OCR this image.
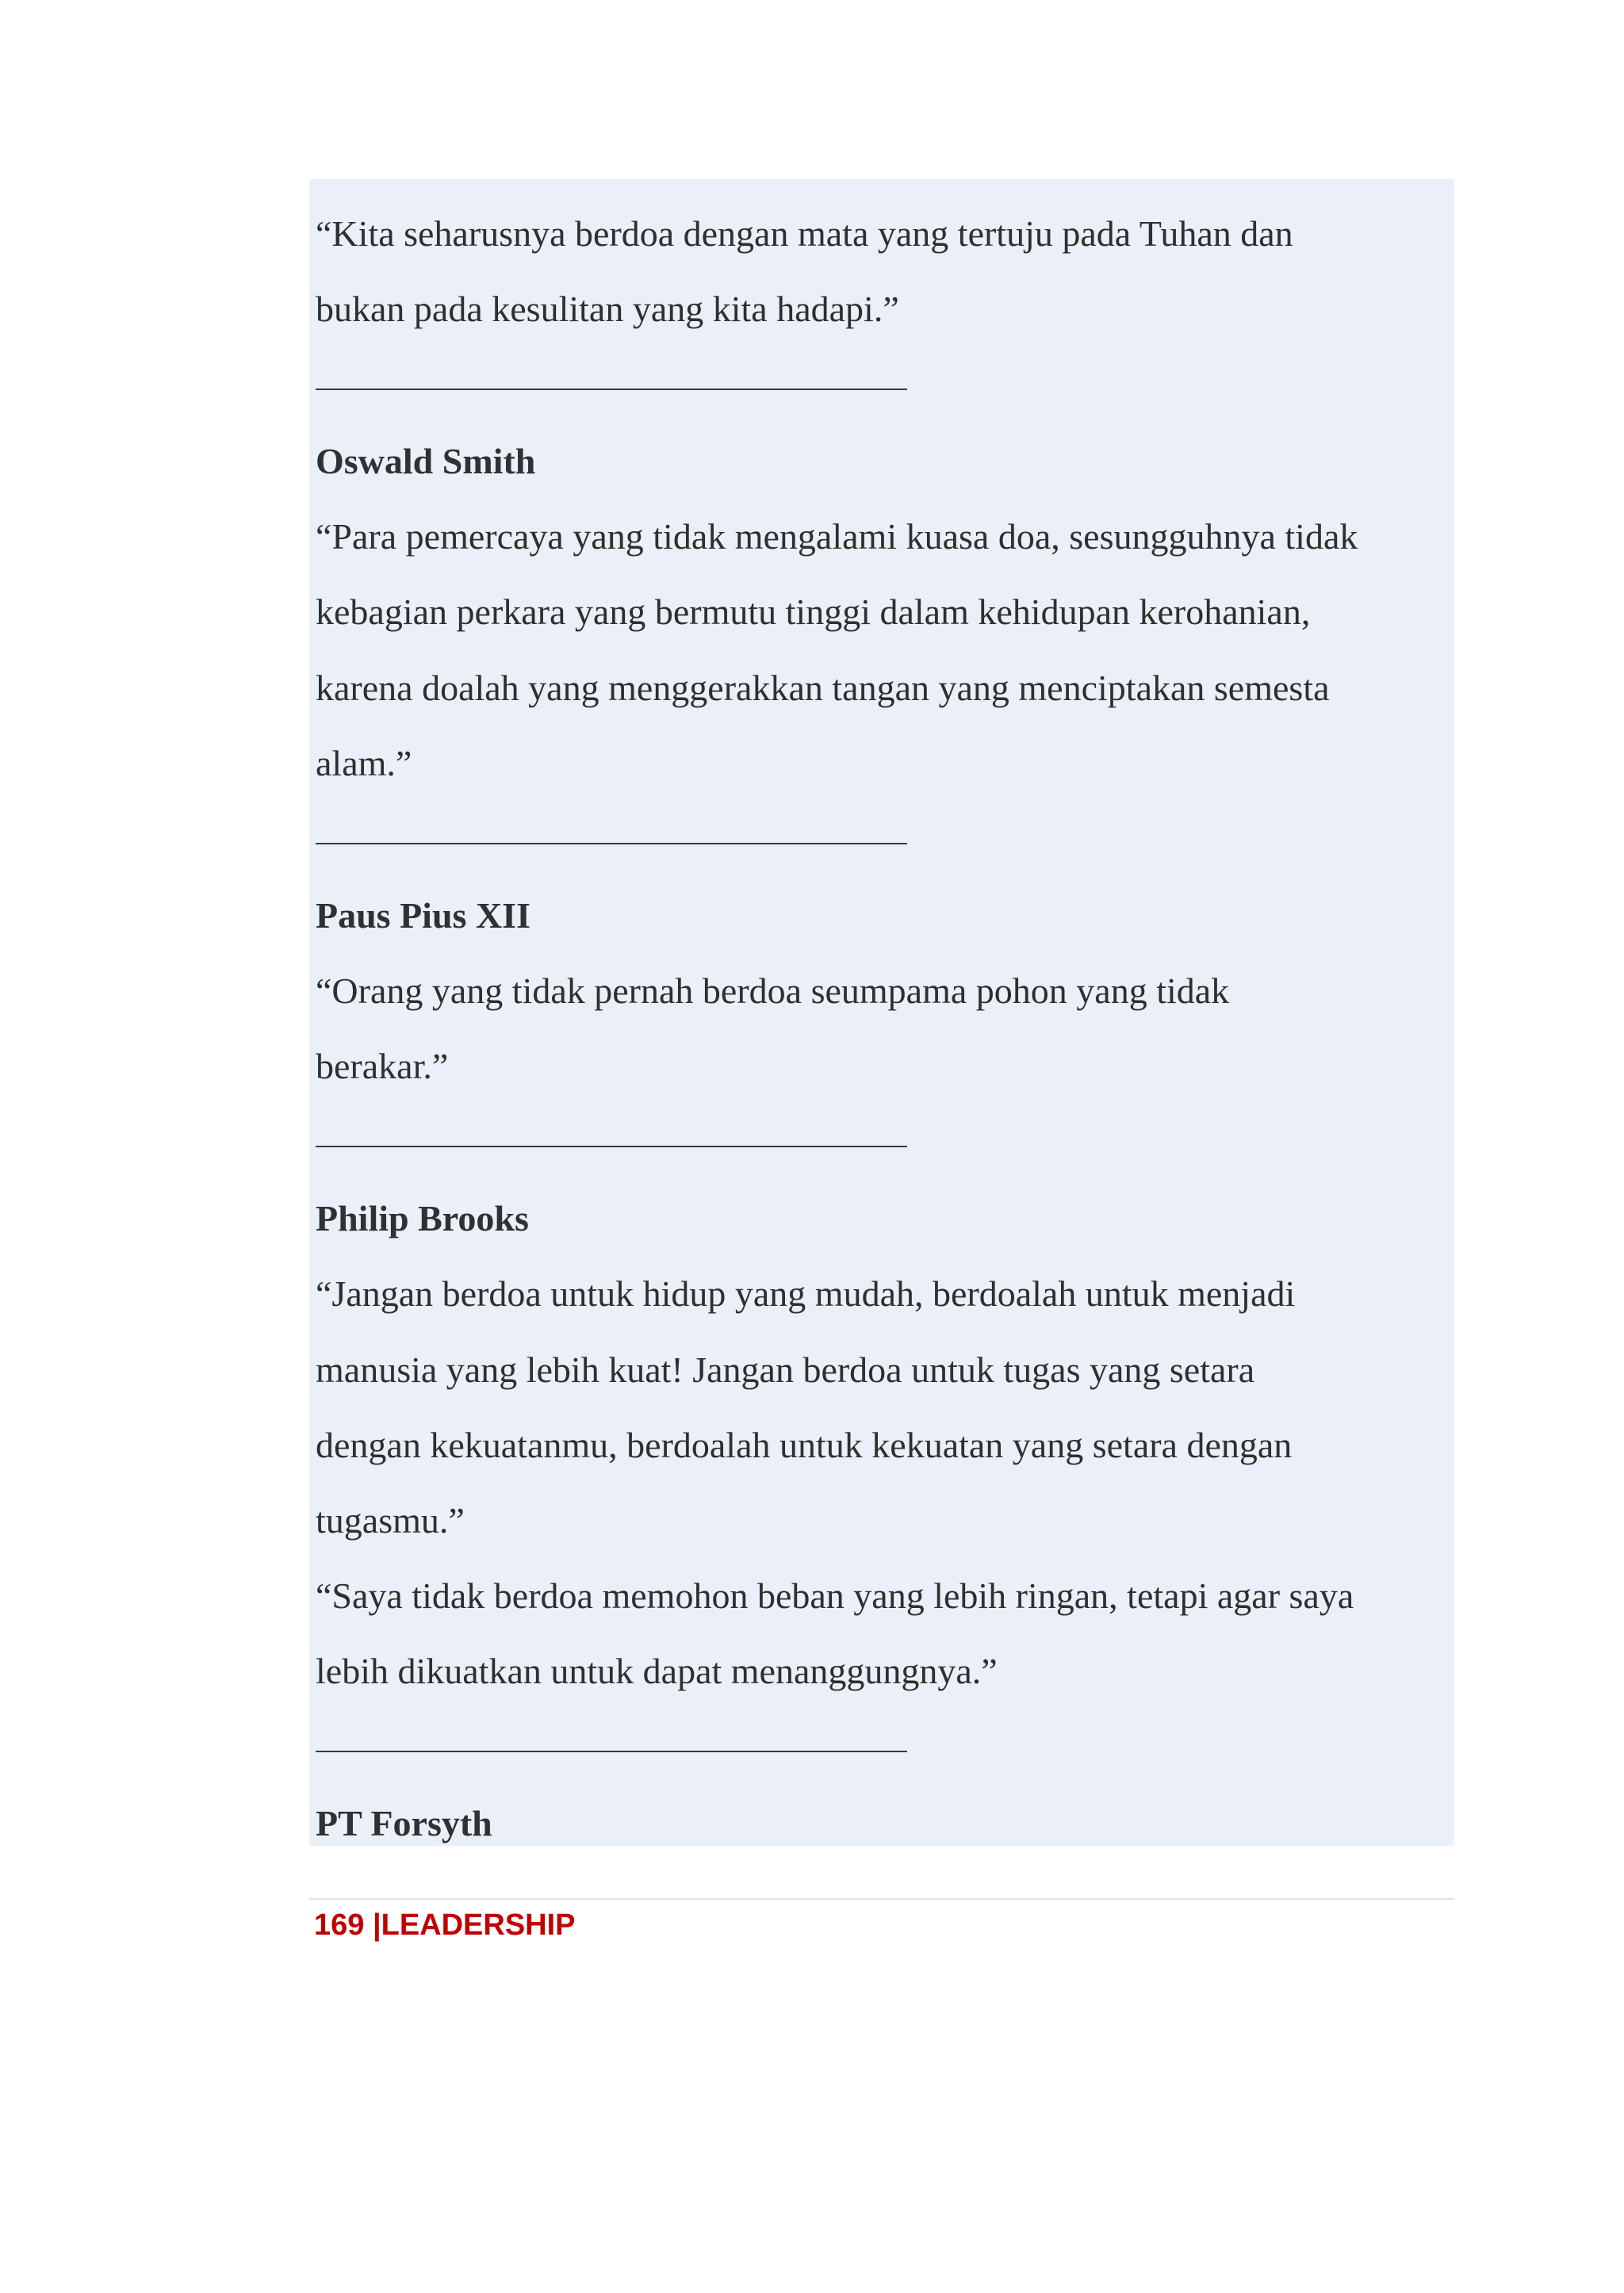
“Kita seharusnya berdoa dengan mata yang tertuju pada Tuhan dan
bukan pada kesulitan yang kita hadapi.”
Oswald Smith
“Para pemercaya yang tidak mengalami kuasa doa, sesungguhnya tidak
kebagian perkara yang bermutu tinggi dalam kehidupan kerohanian,
karena doalah yang menggerakkan tangan yang menciptakan semesta
alam.”
Paus Pius XII
“Orang yang tidak pernah berdoa seumpama pohon yang tidak
berakar.”
Philip Brooks
“Jangan berdoa untuk hidup yang mudah, berdoalah untuk menjadi
manusia yang lebih kuat! Jangan berdoa untuk tugas yang setara
dengan kekuatanmu, berdoalah untuk kekuatan yang setara dengan
tugasmu.”
“Saya tidak berdoa memohon beban yang lebih ringan, tetapi agar saya
lebih dikuatkan untuk dapat menanggungnya.”
PT Forsyth
169 |LEADERSHIP
